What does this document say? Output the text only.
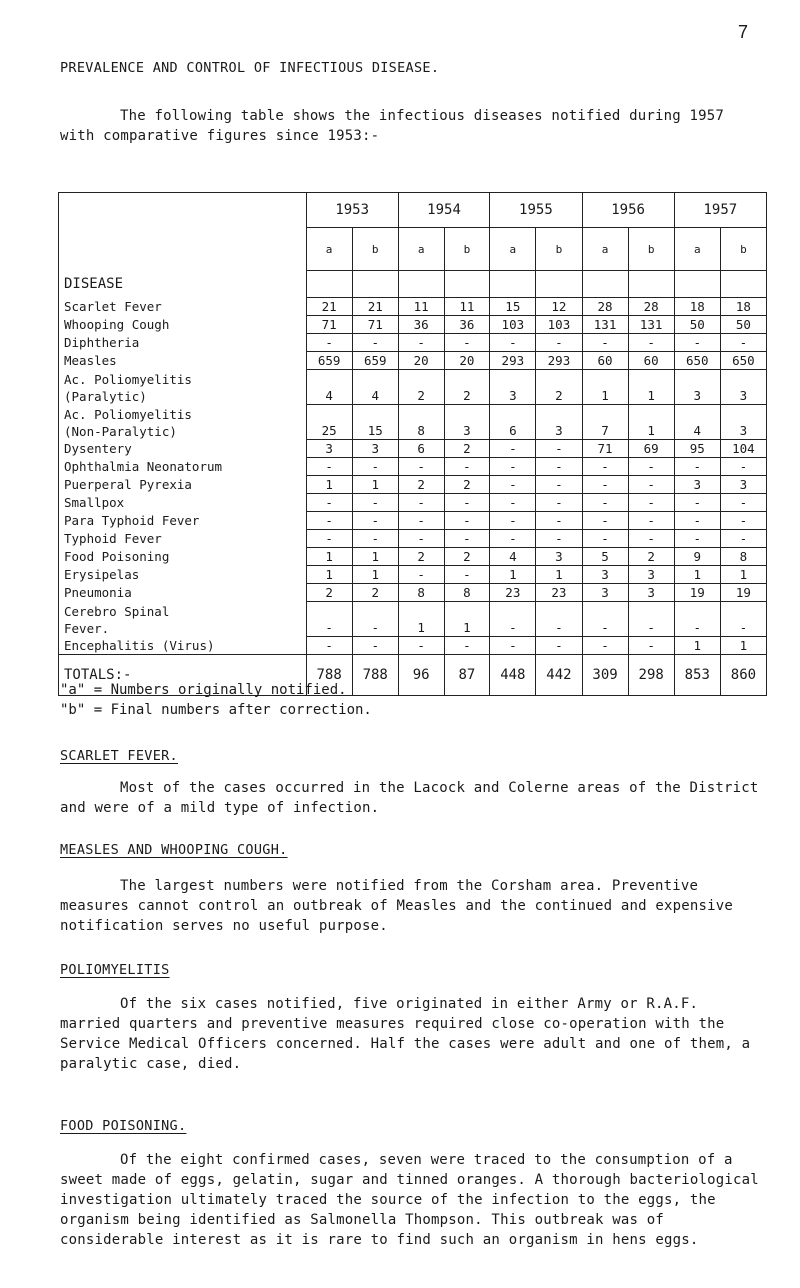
7
PREVALENCE AND CONTROL OF INFECTIOUS DISEASE.
The following table shows the infectious diseases notified during 1957 with comparative figures since 1953:-
DISEASE	1953		1954		1955		1956		1957	
	a	b	a	b	a	b	a	b	a	b

Scarlet Fever	21	21	11	11	15	12	28	28	18	18

Whooping Cough	71	71	36	36	103	103	131	131	50	50

Diphtheria	-	-	-	-	-	-	-	-	-	-

Measles	659	659	20	20	293	293	60	60	650	650

Ac. Poliomyelitis
(Paralytic)	4	4	2	2	3	2	1	1	3	3

Ac. Poliomyelitis
(Non-Paralytic)	25	15	8	3	6	3	7	1	4	3

Dysentery	3	3	6	2	-	-	71	69	95	104

Ophthalmia Neonatorum	-	-	-	-	-	-	-	-	-	-

Puerperal Pyrexia	1	1	2	2	-	-	-	-	3	3

Smallpox	-	-	-	-	-	-	-	-	-	-

Para Typhoid Fever	-	-	-	-	-	-	-	-	-	-

Typhoid Fever	-	-	-	-	-	-	-	-	-	-

Food Poisoning	1	1	2	2	4	3	5	2	9	8

Erysipelas	1	1	-	-	1	1	3	3	1	1

Pneumonia	2	2	8	8	23	23	3	3	19	19

Cerebro Spinal
Fever.	-	-	1	1	-	-	-	-	-	-

Encephalitis (Virus)	-	-	-	-	-	-	-	-	1	1
TOTALS:-	788	788	96	87	448	442	309	298	853	860
"a" = Numbers originally notified.
"b" = Final numbers after correction.
SCARLET FEVER.
Most of the cases occurred in the Lacock and Colerne areas of the District and were of a mild type of infection.
MEASLES AND WHOOPING COUGH.
The largest numbers were notified from the Corsham area. Preventive measures cannot control an outbreak of Measles and the continued and expensive notification serves no useful purpose.
POLIOMYELITIS
Of the six cases notified, five originated in either Army or R.A.F. married quarters and preventive measures required close co-operation with the Service Medical Officers concerned. Half the cases were adult and one of them, a paralytic case, died.
FOOD POISONING.
Of the eight confirmed cases, seven were traced to the consumption of a sweet made of eggs, gelatin, sugar and tinned oranges. A thorough bacteriological investigation ultimately traced the source of the infection to the eggs, the organism being identified as Salmonella Thompson. This outbreak was of considerable interest as it is rare to find such an organism in hens eggs.
